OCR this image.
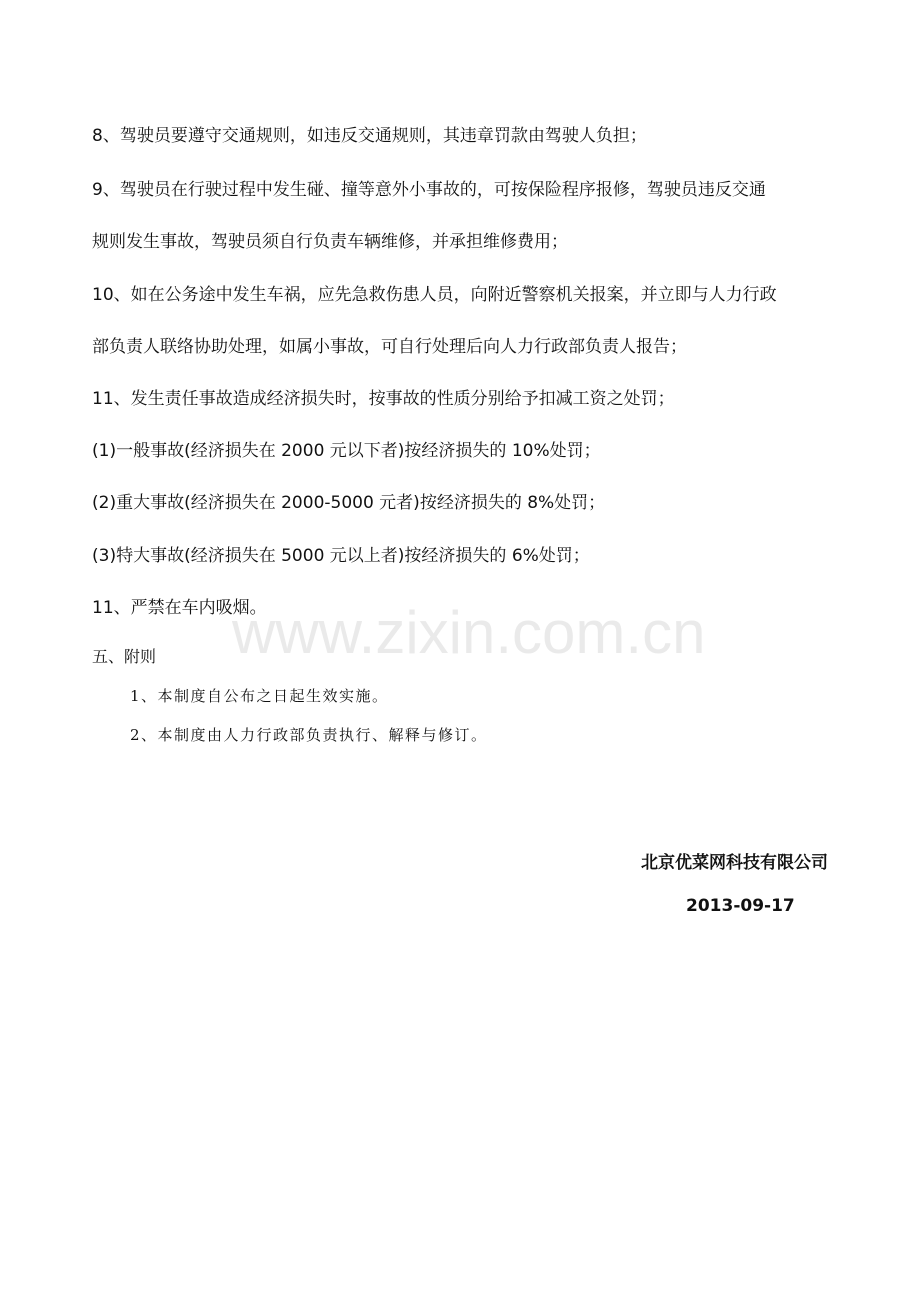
8、驾驶员要遵守交通规则，如违反交通规则，其违章罚款由驾驶人负担；

9、驾驶员在行驶过程中发生碰、撞等意外小事故的，可按保险程序报修，驾驶员违反交通

规则发生事故，驾驶员须自行负责车辆维修，并承担维修费用；

10、如在公务途中发生车祸，应先急救伤患人员，向附近警察机关报案，并立即与人力行政

部负责人联络协助处理，如属小事故，可自行处理后向人力行政部负责人报告；

11、发生责任事故造成经济损失时，按事故的性质分别给予扣减工资之处罚；

(1)一般事故(经济损失在 2000 元以下者)按经济损失的 10%处罚；

(2)重大事故(经济损失在 2000-5000 元者)按经济损失的 8%处罚；

(3)特大事故(经济损失在 5000 元以上者)按经济损失的 6%处罚；

11、严禁在车内吸烟。

www.zixin.com.cn

五、附则

1、本制度自公布之日起生效实施。

2、本制度由人力行政部负责执行、解释与修订。

北京优菜网科技有限公司

2013-09-17
